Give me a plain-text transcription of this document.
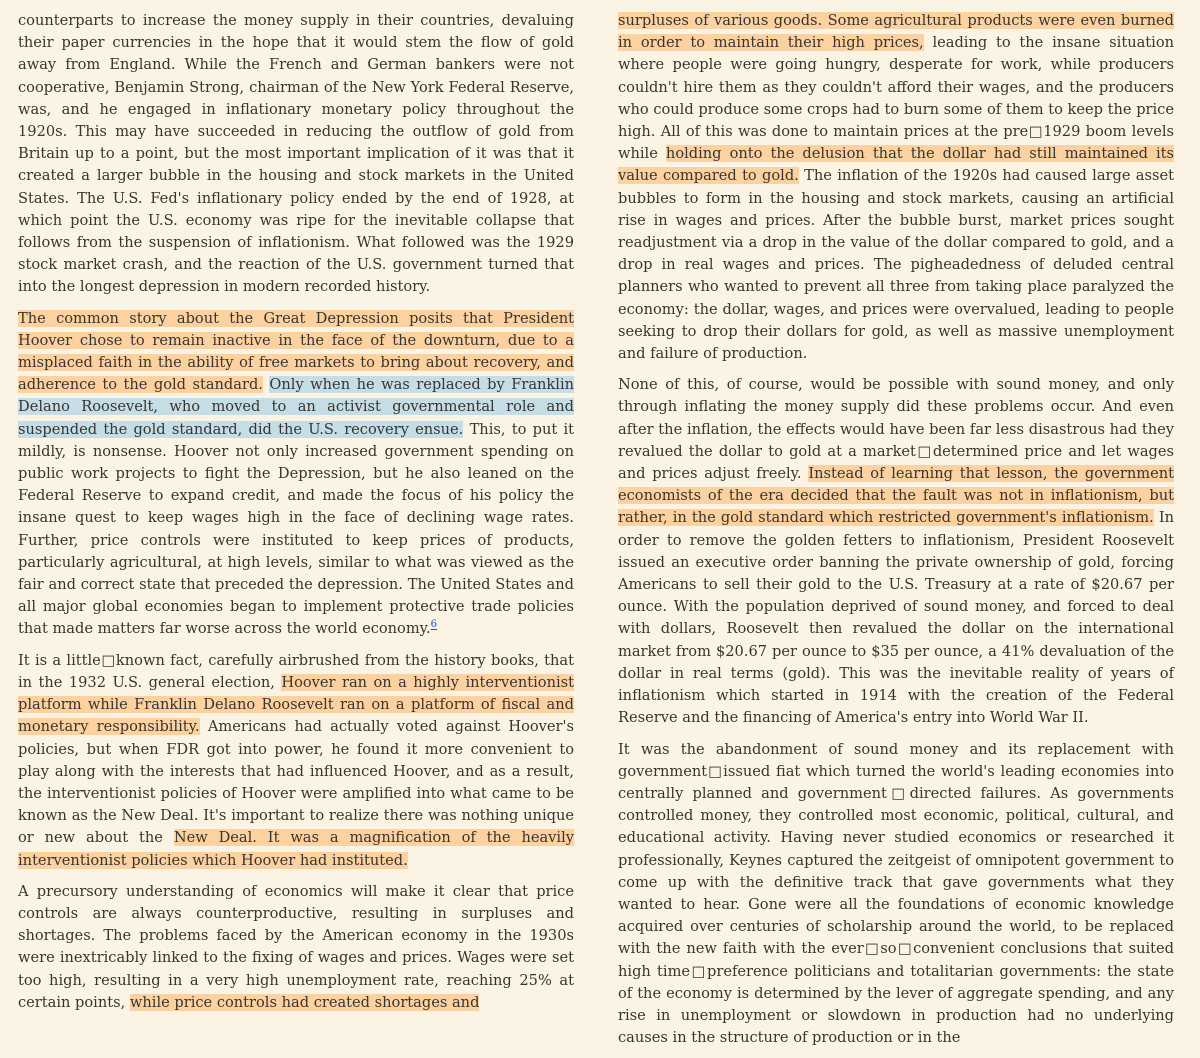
counterparts to increase the money supply in their countries, devaluing their paper currencies in the hope that it would stem the flow of gold away from England. While the French and German bankers were not cooperative, Benjamin Strong, chairman of the New York Federal Reserve, was, and he engaged in inflationary monetary policy throughout the 1920s. This may have succeeded in reducing the outflow of gold from Britain up to a point, but the most important implication of it was that it created a larger bubble in the housing and stock markets in the United States. The U.S. Fed's inflationary policy ended by the end of 1928, at which point the U.S. economy was ripe for the inevitable collapse that follows from the suspension of inflationism. What followed was the 1929 stock market crash, and the reaction of the U.S. government turned that into the longest depression in modern recorded history.

The common story about the Great Depression posits that President Hoover chose to remain inactive in the face of the downturn, due to a misplaced faith in the ability of free markets to bring about recovery, and adherence to the gold standard. Only when he was replaced by Franklin Delano Roosevelt, who moved to an activist governmental role and suspended the gold standard, did the U.S. recovery ensue. This, to put it mildly, is nonsense. Hoover not only increased government spending on public work projects to fight the Depression, but he also leaned on the Federal Reserve to expand credit, and made the focus of his policy the insane quest to keep wages high in the face of declining wage rates. Further, price controls were instituted to keep prices of products, particularly agricultural, at high levels, similar to what was viewed as the fair and correct state that preceded the depression. The United States and all major global economies began to implement protective trade policies that made matters far worse across the world economy.$^6$

It is a little□known fact, carefully airbrushed from the history books, that in the 1932 U.S. general election, Hoover ran on a highly interventionist platform while Franklin Delano Roosevelt ran on a platform of fiscal and monetary responsibility. Americans had actually voted against Hoover's policies, but when FDR got into power, he found it more convenient to play along with the interests that had influenced Hoover, and as a result, the interventionist policies of Hoover were amplified into what came to be known as the New Deal. It's important to realize there was nothing unique or new about the New Deal. It was a magnification of the heavily interventionist policies which Hoover had instituted.

A precursory understanding of economics will make it clear that price controls are always counterproductive, resulting in surpluses and shortages. The problems faced by the American economy in the 1930s were inextricably linked to the fixing of wages and prices. Wages were set too high, resulting in a very high unemployment rate, reaching 25% at certain points, while price controls had created shortages and

surpluses of various goods. Some agricultural products were even burned in order to maintain their high prices, leading to the insane situation where people were going hungry, desperate for work, while producers couldn't hire them as they couldn't afford their wages, and the producers who could produce some crops had to burn some of them to keep the price high. All of this was done to maintain prices at the pre□1929 boom levels while holding onto the delusion that the dollar had still maintained its value compared to gold. The inflation of the 1920s had caused large asset bubbles to form in the housing and stock markets, causing an artificial rise in wages and prices. After the bubble burst, market prices sought readjustment via a drop in the value of the dollar compared to gold, and a drop in real wages and prices. The pigheadedness of deluded central planners who wanted to prevent all three from taking place paralyzed the economy: the dollar, wages, and prices were overvalued, leading to people seeking to drop their dollars for gold, as well as massive unemployment and failure of production.

None of this, of course, would be possible with sound money, and only through inflating the money supply did these problems occur. And even after the inflation, the effects would have been far less disastrous had they revalued the dollar to gold at a market□determined price and let wages and prices adjust freely. Instead of learning that lesson, the government economists of the era decided that the fault was not in inflationism, but rather, in the gold standard which restricted government's inflationism. In order to remove the golden fetters to inflationism, President Roosevelt issued an executive order banning the private ownership of gold, forcing Americans to sell their gold to the U.S. Treasury at a rate of $20.67 per ounce. With the population deprived of sound money, and forced to deal with dollars, Roosevelt then revalued the dollar on the international market from $20.67 per ounce to $35 per ounce, a 41% devaluation of the dollar in real terms (gold). This was the inevitable reality of years of inflationism which started in 1914 with the creation of the Federal Reserve and the financing of America's entry into World War II.

It was the abandonment of sound money and its replacement with government□issued fiat which turned the world's leading economies into centrally planned and government□directed failures. As governments controlled money, they controlled most economic, political, cultural, and educational activity. Having never studied economics or researched it professionally, Keynes captured the zeitgeist of omnipotent government to come up with the definitive track that gave governments what they wanted to hear. Gone were all the foundations of economic knowledge acquired over centuries of scholarship around the world, to be replaced with the new faith with the ever□so□convenient conclusions that suited high time□preference politicians and totalitarian governments: the state of the economy is determined by the lever of aggregate spending, and any rise in unemployment or slowdown in production had no underlying causes in the structure of production or in the
